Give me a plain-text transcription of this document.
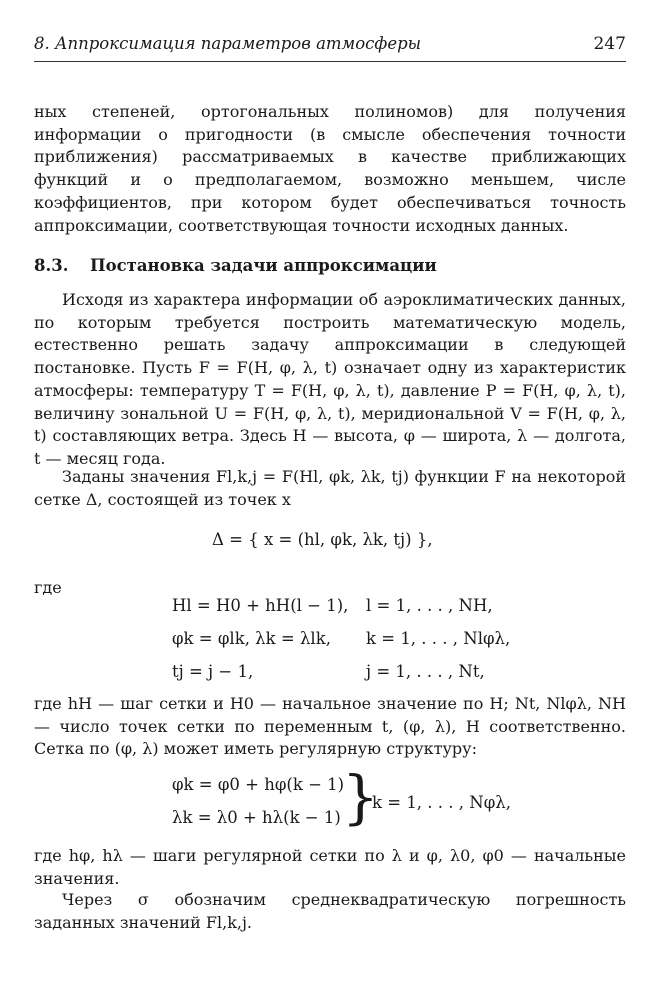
8. Аппроксимация параметров атмосферы	247
ных степеней, ортогональных полиномов) для получения информации о пригодности (в смысле обеспечения точности приближения) рассматриваемых в качестве приближающих функций и о предполагаемом, возможно меньшем, числе коэффициентов, при котором будет обеспечиваться точность аппроксимации, соответствующая точности исходных данных.
8.3. Постановка задачи аппроксимации
Исходя из характера информации об аэроклиматических данных, по которым требуется построить математическую модель, естественно решать задачу аппроксимации в следующей постановке. Пусть F = F(H, φ, λ, t) означает одну из характеристик атмосферы: температуру T = F(H, φ, λ, t), давление P = F(H, φ, λ, t), величину зональной U = F(H, φ, λ, t), меридиональной V = F(H, φ, λ, t) составляющих ветра. Здесь H — высота, φ — широта, λ — долгота, t — месяц года.
Заданы значения Fl,k,j = F(Hl, φk, λk, tj) функции F на некоторой сетке Δ, состоящей из точек x
Δ = { x = (hl, φk, λk, tj) },
где
Hl = H0 + hH(l − 1), l = 1, . . . , NH,
φk = φlk, λk = λlk, k = 1, . . . , Nlφλ,
tj = j − 1,	j = 1, . . . , Nt,
где hH — шаг сетки и H0 — начальное значение по H; Nt, Nlφλ, NH — число точек сетки по переменным t, (φ, λ), H соответственно. Сетка по (φ, λ) может иметь регулярную структуру:
φk = φ0 + hφ(k − 1)
λk = λ0 + hλ(k − 1) }
k = 1, . . . , Nφλ,
где hφ, hλ — шаги регулярной сетки по λ и φ, λ0, φ0 — начальные значения.
Через σ обозначим среднеквадратическую погрешность заданных значений Fl,k,j.
